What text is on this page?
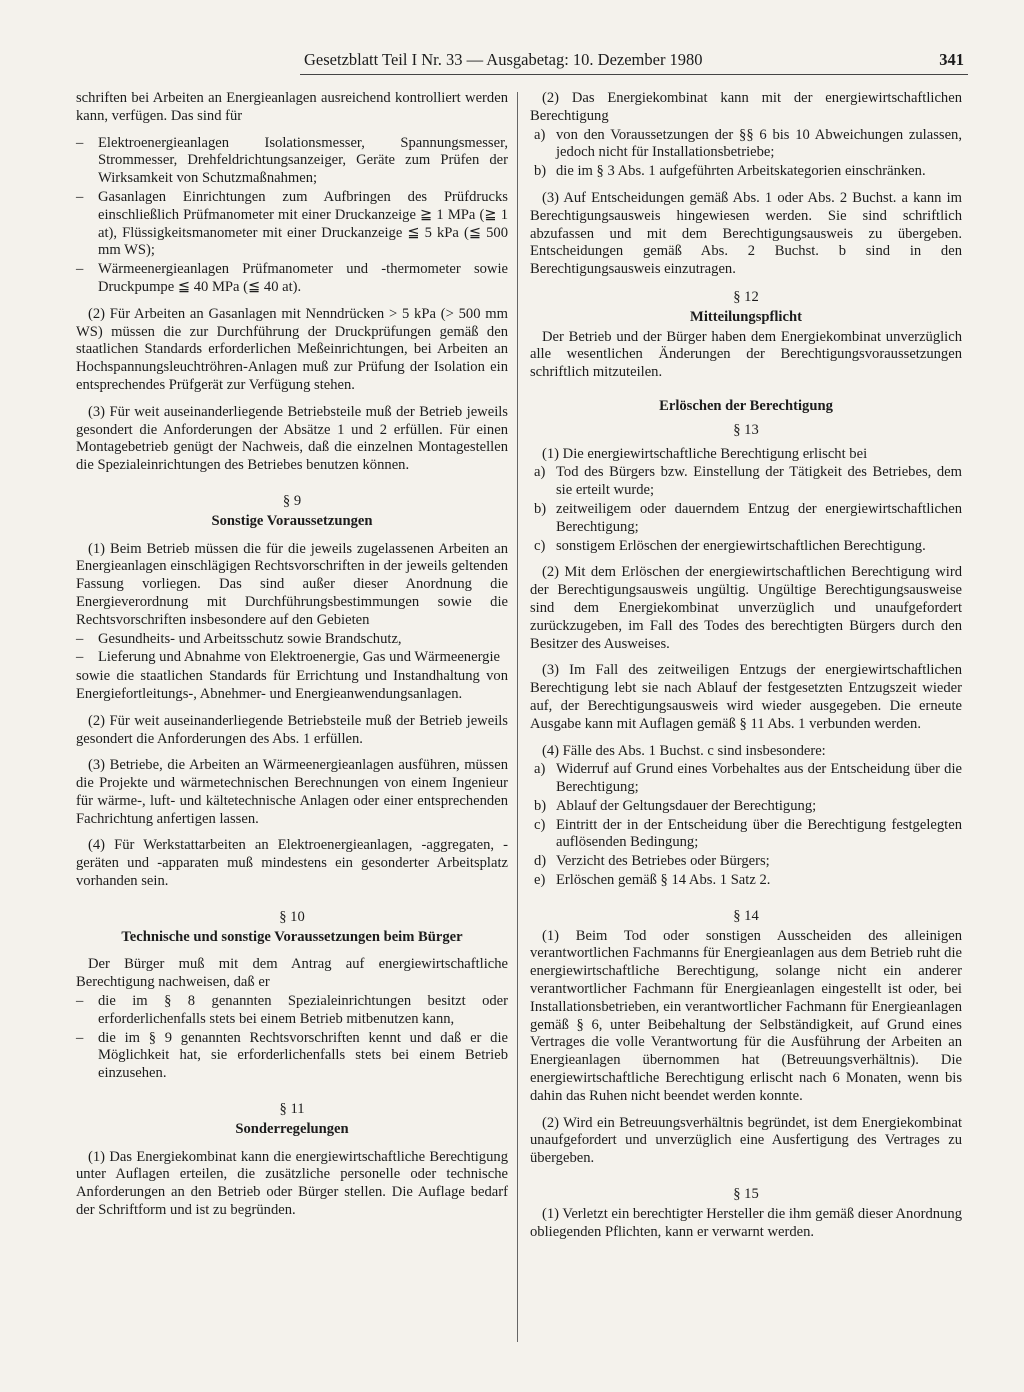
Gesetzblatt Teil I Nr. 33 — Ausgabetag: 10. Dezember 1980	341

schriften bei Arbeiten an Energieanlagen ausreichend kontrolliert werden kann, verfügen. Das sind für

– Elektroenergieanlagen Isolationsmesser, Spannungsmesser, Strommesser, Drehfeldrichtungsanzeiger, Geräte zum Prüfen der Wirksamkeit von Schutzmaßnahmen;
– Gasanlagen Einrichtungen zum Aufbringen des Prüfdrucks einschließlich Prüfmanometer mit einer Druckanzeige ≧ 1 MPa (≧ 1 at), Flüssigkeitsmanometer mit einer Druckanzeige ≦ 5 kPa (≦ 500 mm WS);
– Wärmeenergieanlagen Prüfmanometer und -thermometer sowie Druckpumpe ≦ 40 MPa (≦ 40 at).

(2) Für Arbeiten an Gasanlagen mit Nenndrücken > 5 kPa (> 500 mm WS) müssen die zur Durchführung der Druckprüfungen gemäß den staatlichen Standards erforderlichen Meßeinrichtungen, bei Arbeiten an Hochspannungsleuchtröhren-Anlagen muß zur Prüfung der Isolation ein entsprechendes Prüfgerät zur Verfügung stehen.

(3) Für weit auseinanderliegende Betriebsteile muß der Betrieb jeweils gesondert die Anforderungen der Absätze 1 und 2 erfüllen. Für einen Montagebetrieb genügt der Nachweis, daß die einzelnen Montagestellen die Spezialeinrichtungen des Betriebes benutzen können.

§ 9
Sonstige Voraussetzungen

(1) Beim Betrieb müssen die für die jeweils zugelassenen Arbeiten an Energieanlagen einschlägigen Rechtsvorschriften in der jeweils geltenden Fassung vorliegen. Das sind außer dieser Anordnung die Energieverordnung mit Durchführungsbestimmungen sowie die Rechtsvorschriften insbesondere auf den Gebieten

– Gesundheits- und Arbeitsschutz sowie Brandschutz,
– Lieferung und Abnahme von Elektroenergie, Gas und Wärmeenergie

sowie die staatlichen Standards für Errichtung und Instandhaltung von Energiefortleitungs-, Abnehmer- und Energieanwendungsanlagen.

(2) Für weit auseinanderliegende Betriebsteile muß der Betrieb jeweils gesondert die Anforderungen des Abs. 1 erfüllen.

(3) Betriebe, die Arbeiten an Wärmeenergieanlagen ausführen, müssen die Projekte und wärmetechnischen Berechnungen von einem Ingenieur für wärme-, luft- und kältetechnische Anlagen oder einer entsprechenden Fachrichtung anfertigen lassen.

(4) Für Werkstattarbeiten an Elektroenergieanlagen, -aggregaten, -geräten und -apparaten muß mindestens ein gesonderter Arbeitsplatz vorhanden sein.

§ 10
Technische und sonstige Voraussetzungen beim Bürger

Der Bürger muß mit dem Antrag auf energiewirtschaftliche Berechtigung nachweisen, daß er

– die im § 8 genannten Spezialeinrichtungen besitzt oder erforderlichenfalls stets bei einem Betrieb mitbenutzen kann,
– die im § 9 genannten Rechtsvorschriften kennt und daß er die Möglichkeit hat, sie erforderlichenfalls stets bei einem Betrieb einzusehen.
§ 11
Sonderregelungen

(1) Das Energiekombinat kann die energiewirtschaftliche Berechtigung unter Auflagen erteilen, die zusätzliche personelle oder technische Anforderungen an den Betrieb oder Bürger stellen. Die Auflage bedarf der Schriftform und ist zu begründen.

(2) Das Energiekombinat kann mit der energiewirtschaftlichen Berechtigung

a) von den Voraussetzungen der §§ 6 bis 10 Abweichungen zulassen, jedoch nicht für Installationsbetriebe;
b) die im § 3 Abs. 1 aufgeführten Arbeitskategorien einschränken.

(3) Auf Entscheidungen gemäß Abs. 1 oder Abs. 2 Buchst. a kann im Berechtigungsausweis hingewiesen werden. Sie sind schriftlich abzufassen und mit dem Berechtigungsausweis zu übergeben. Entscheidungen gemäß Abs. 2 Buchst. b sind in den Berechtigungsausweis einzutragen.

§ 12
Mitteilungspflicht

Der Betrieb und der Bürger haben dem Energiekombinat unverzüglich alle wesentlichen Änderungen der Berechtigungsvoraussetzungen schriftlich mitzuteilen.

Erlöschen der Berechtigung
§ 13

(1) Die energiewirtschaftliche Berechtigung erlischt bei

a) Tod des Bürgers bzw. Einstellung der Tätigkeit des Betriebes, dem sie erteilt wurde;
b) zeitweiligem oder dauerndem Entzug der energiewirtschaftlichen Berechtigung;
c) sonstigem Erlöschen der energiewirtschaftlichen Berechtigung.

(2) Mit dem Erlöschen der energiewirtschaftlichen Berechtigung wird der Berechtigungsausweis ungültig. Ungültige Berechtigungsausweise sind dem Energiekombinat unverzüglich und unaufgefordert zurückzugeben, im Fall des Todes des berechtigten Bürgers durch den Besitzer des Ausweises.

(3) Im Fall des zeitweiligen Entzugs der energiewirtschaftlichen Berechtigung lebt sie nach Ablauf der festgesetzten Entzugszeit wieder auf, der Berechtigungsausweis wird wieder ausgegeben. Die erneute Ausgabe kann mit Auflagen gemäß § 11 Abs. 1 verbunden werden.

(4) Fälle des Abs. 1 Buchst. c sind insbesondere:

a) Widerruf auf Grund eines Vorbehaltes aus der Entscheidung über die Berechtigung;
b) Ablauf der Geltungsdauer der Berechtigung;
c) Eintritt der in der Entscheidung über die Berechtigung festgelegten auflösenden Bedingung;
d) Verzicht des Betriebes oder Bürgers;
e) Erlöschen gemäß § 14 Abs. 1 Satz 2.
§ 14

(1) Beim Tod oder sonstigen Ausscheiden des alleinigen verantwortlichen Fachmanns für Energieanlagen aus dem Betrieb ruht die energiewirtschaftliche Berechtigung, solange nicht ein anderer verantwortlicher Fachmann für Energieanlagen eingestellt ist oder, bei Installationsbetrieben, ein verantwortlicher Fachmann für Energieanlagen gemäß § 6, unter Beibehaltung der Selbständigkeit, auf Grund eines Vertrages die volle Verantwortung für die Ausführung der Arbeiten an Energieanlagen übernommen hat (Betreuungsverhältnis). Die energiewirtschaftliche Berechtigung erlischt nach 6 Monaten, wenn bis dahin das Ruhen nicht beendet werden konnte.

(2) Wird ein Betreuungsverhältnis begründet, ist dem Energiekombinat unaufgefordert und unverzüglich eine Ausfertigung des Vertrages zu übergeben.

§ 15

(1) Verletzt ein berechtigter Hersteller die ihm gemäß dieser Anordnung obliegenden Pflichten, kann er verwarnt werden.
